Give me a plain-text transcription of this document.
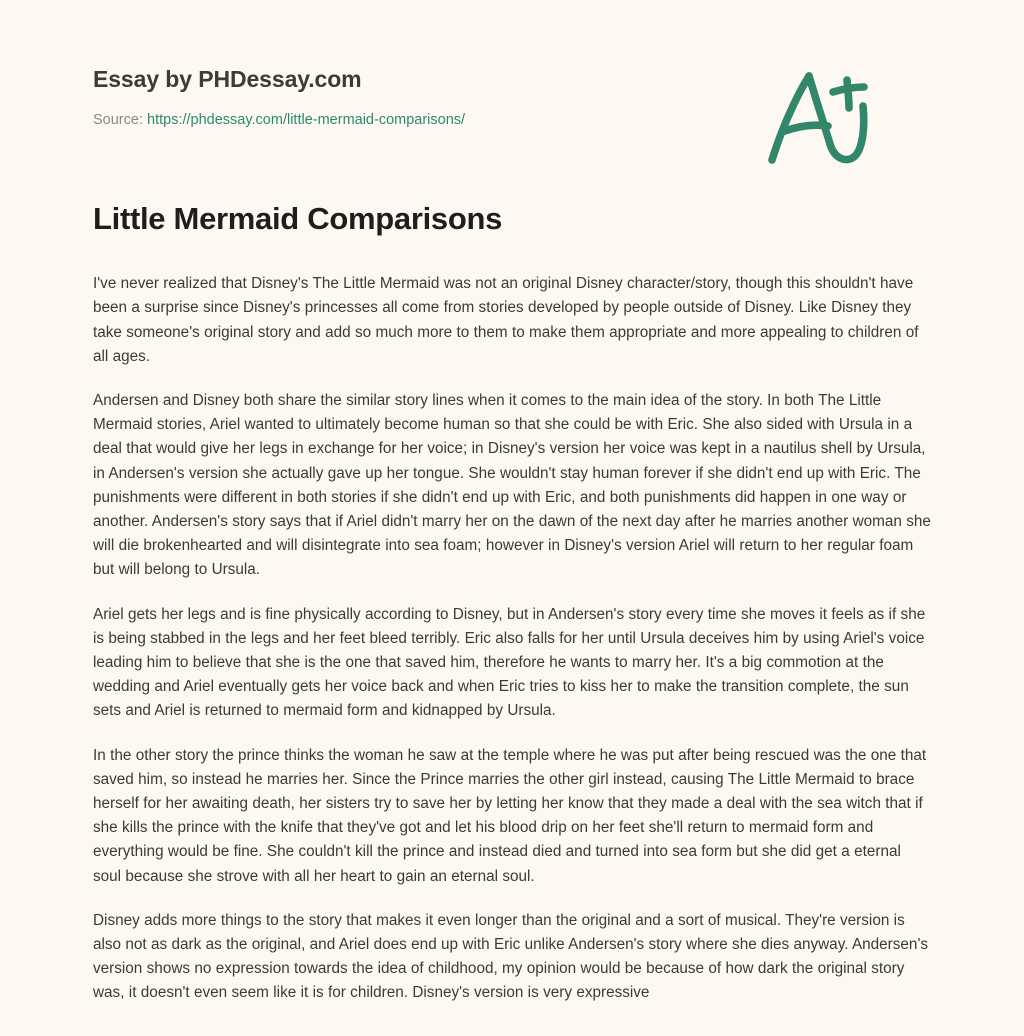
Essay by PHDessay.com
Source: https://phdessay.com/little-mermaid-comparisons/
Little Mermaid Comparisons

I've never realized that Disney's The Little Mermaid was not an original Disney character/story, though this shouldn't have been a surprise since Disney's princesses all come from stories developed by people outside of Disney. Like Disney they take someone's original story and add so much more to them to make them appropriate and more appealing to children of all ages.

Andersen and Disney both share the similar story lines when it comes to the main idea of the story. In both The Little Mermaid stories, Ariel wanted to ultimately become human so that she could be with Eric. She also sided with Ursula in a deal that would give her legs in exchange for her voice; in Disney's version her voice was kept in a nautilus shell by Ursula, in Andersen's version she actually gave up her tongue. She wouldn't stay human forever if she didn't end up with Eric. The punishments were different in both stories if she didn't end up with Eric, and both punishments did happen in one way or another. Andersen's story says that if Ariel didn't marry her on the dawn of the next day after he marries another woman she will die brokenhearted and will disintegrate into sea foam; however in Disney's version Ariel will return to her regular foam but will belong to Ursula.

Ariel gets her legs and is fine physically according to Disney, but in Andersen's story every time she moves it feels as if she is being stabbed in the legs and her feet bleed terribly. Eric also falls for her until Ursula deceives him by using Ariel's voice leading him to believe that she is the one that saved him, therefore he wants to marry her. It's a big commotion at the wedding and Ariel eventually gets her voice back and when Eric tries to kiss her to make the transition complete, the sun sets and Ariel is returned to mermaid form and kidnapped by Ursula.

In the other story the prince thinks the woman he saw at the temple where he was put after being rescued was the one that saved him, so instead he marries her. Since the Prince marries the other girl instead, causing The Little Mermaid to brace herself for her awaiting death, her sisters try to save her by letting her know that they made a deal with the sea witch that if she kills the prince with the knife that they've got and let his blood drip on her feet she'll return to mermaid form and everything would be fine. She couldn't kill the prince and instead died and turned into sea form but she did get a eternal soul because she strove with all her heart to gain an eternal soul.

Disney adds more things to the story that makes it even longer than the original and a sort of musical. They're version is also not as dark as the original, and Ariel does end up with Eric unlike Andersen's story where she dies anyway. Andersen's version shows no expression towards the idea of childhood, my opinion would be because of how dark the original story was, it doesn't even seem like it is for children. Disney's version is very expressive
